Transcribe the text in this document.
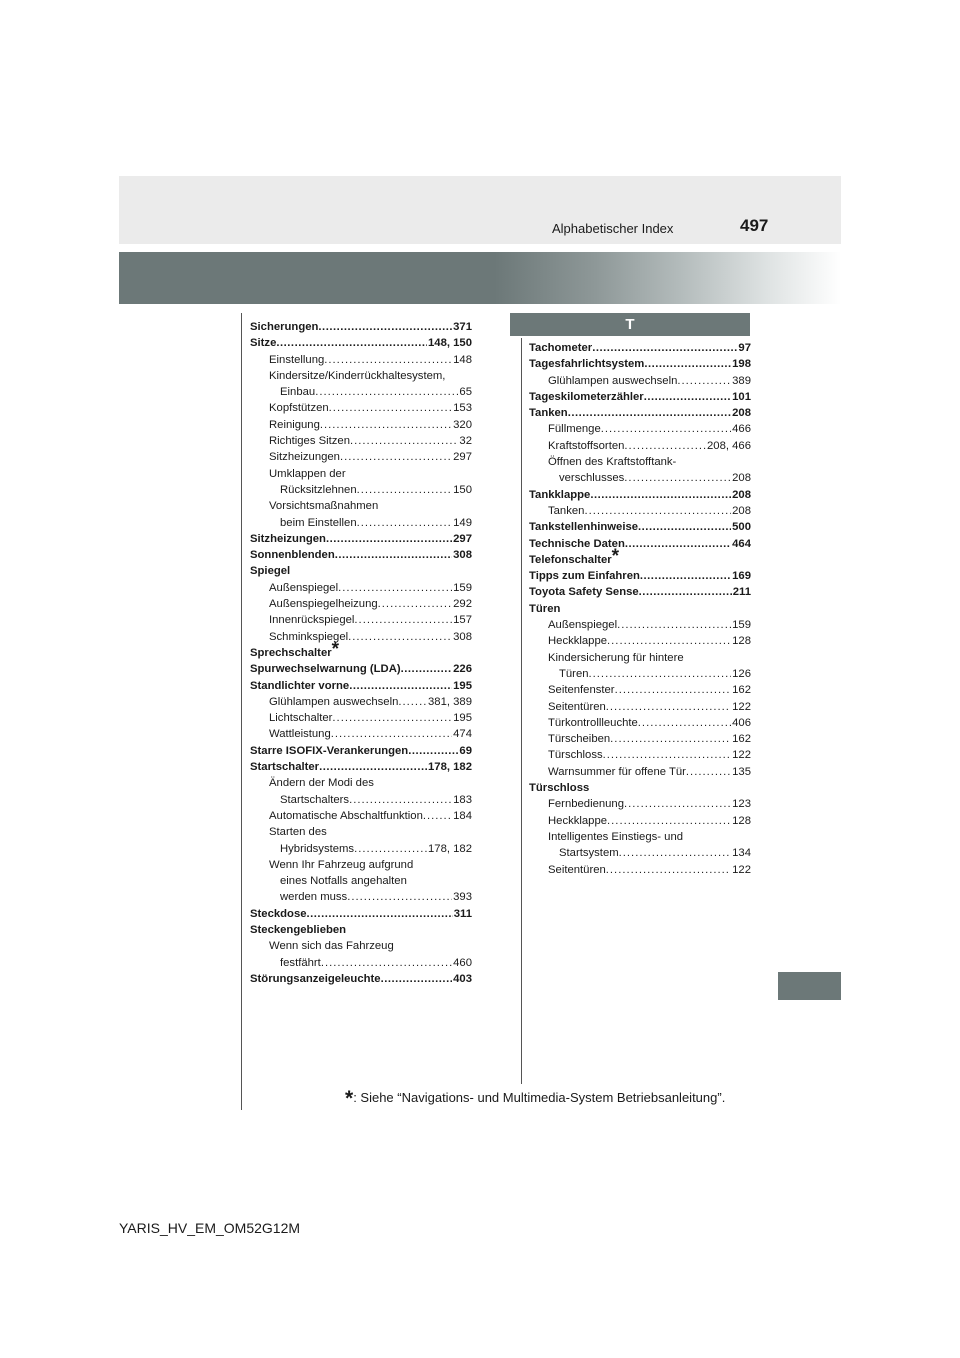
Alphabetischer Index	497
T
Sicherungen .....	371
Sitze .....	148, 150
Einstellung .....	148
Kindersitze/Kinderrückhaltesystem,
Einbau .....	65
Kopfstützen .....	153
Reinigung .....	320
Richtiges Sitzen .....	32
Sitzheizungen .....	297
Umklappen der
Rücksitzlehnen .....	150
Vorsichtsmaßnahmen
beim Einstellen .....	149
Sitzheizungen .....	297
Sonnenblenden .....	308
Spiegel
Außenspiegel .....	159
Außenspiegelheizung .....	292
Innenrückspiegel .....	157
Schminkspiegel .....	308
Sprechschalter*
Spurwechselwarnung (LDA) .....	226
Standlichter vorne .....	195
Glühlampen auswechseln .....	381, 389
Lichtschalter .....	195
Wattleistung .....	474
Starre ISOFIX-Verankerungen .....	69
Startschalter .....	178, 182
Ändern der Modi des
Startschalters .....	183
Automatische Abschaltfunktion .....	184
Starten des
Hybridsystems .....	178, 182
Wenn Ihr Fahrzeug aufgrund
eines Notfalls angehalten
werden muss .....	393
Steckdose .....	311
Steckengeblieben
Wenn sich das Fahrzeug
festfährt .....	460
Störungsanzeigeleuchte .....	403
Tachometer .....	97
Tagesfahrlichtsystem .....	198
Glühlampen auswechseln .....	389
Tageskilometerzähler .....	101
Tanken .....	208
Füllmenge .....	466
Kraftstoffsorten .....	208, 466
Öffnen des Kraftstofftank-
verschlusses .....	208
Tankklappe .....	208
Tanken .....	208
Tankstellenhinweise .....	500
Technische Daten .....	464
Telefonschalter*
Tipps zum Einfahren .....	169
Toyota Safety Sense .....	211
Türen
Außenspiegel .....	159
Heckklappe .....	128
Kindersicherung für hintere
Türen .....	126
Seitenfenster .....	162
Seitentüren .....	122
Türkontrollleuchte .....	406
Türscheiben .....	162
Türschloss .....	122
Warnsummer für offene Tür .....	135
Türschloss
Fernbedienung .....	123
Heckklappe .....	128
Intelligentes Einstiegs- und
Startsystem .....	134
Seitentüren .....	122
*: Siehe “Navigations- und Multimedia-System Betriebsanleitung”.
YARIS_HV_EM_OM52G12M
